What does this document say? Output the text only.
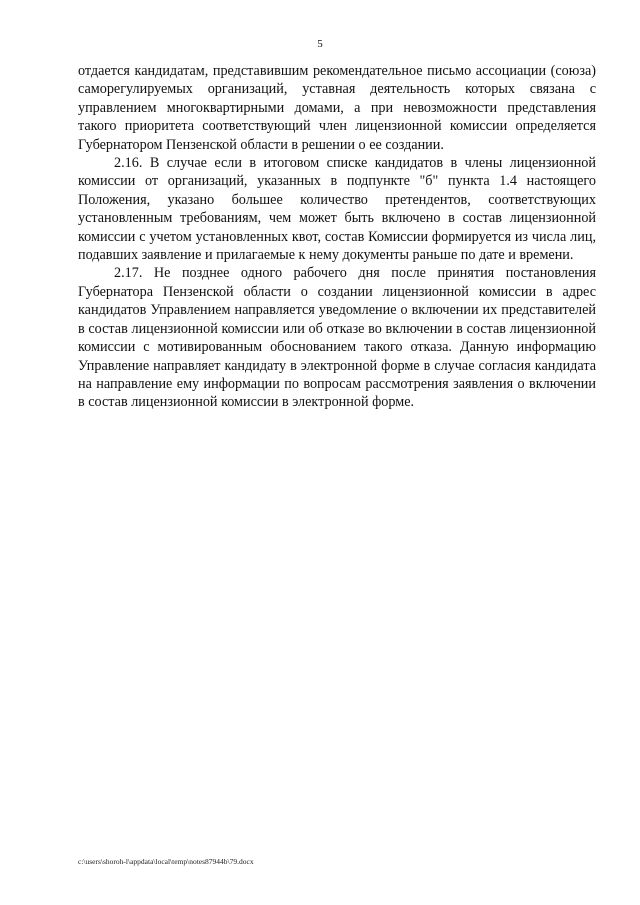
5

отдается кандидатам, представившим рекомендательное письмо ассоциации (союза) саморегулируемых организаций, уставная деятельность которых связана с управлением многоквартирными домами, а при невозможности представления такого приоритета соответствующий член лицензионной комиссии определяется Губернатором Пензенской области в решении о ее создании.

2.16. В случае если в итоговом списке кандидатов в члены лицензионной комиссии от организаций, указанных в подпункте "б" пункта 1.4 настоящего Положения, указано большее количество претендентов, соответствующих установленным требованиям, чем может быть включено в состав лицензионной комиссии с учетом установленных квот, состав Комиссии формируется из числа лиц, подавших заявление и прилагаемые к нему документы раньше по дате и времени.

2.17. Не позднее одного рабочего дня после принятия постановления Губернатора Пензенской области о создании лицензионной комиссии в адрес кандидатов Управлением направляется уведомление о включении их представителей в состав лицензионной комиссии или об отказе во включении в состав лицензионной комиссии с мотивированным обоснованием такого отказа. Данную информацию Управление направляет кандидату в электронной форме в случае согласия кандидата на направление ему информации по вопросам рассмотрения заявления о включении в состав лицензионной комиссии в электронной форме.

c:\users\shoroh-l\appdata\local\temp\notes87944b\79.docx
